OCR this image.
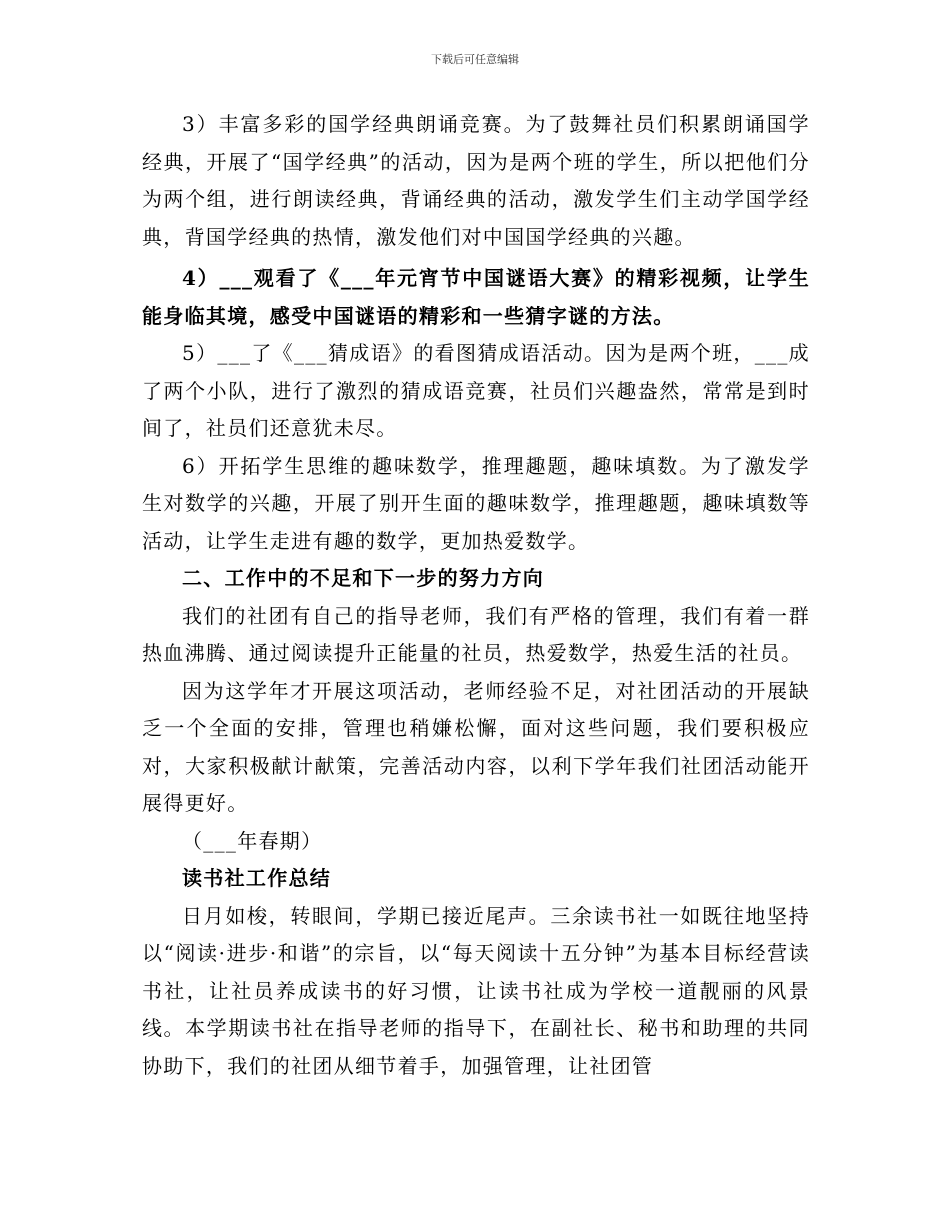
下载后可任意编辑

3）丰富多彩的国学经典朗诵竞赛。为了鼓舞社员们积累朗诵国学经典，开展了“国学经典”的活动，因为是两个班的学生，所以把他们分为两个组，进行朗读经典，背诵经典的活动，激发学生们主动学国学经典，背国学经典的热情，激发他们对中国国学经典的兴趣。

4）___观看了《___年元宵节中国谜语大赛》的精彩视频，让学生能身临其境，感受中国谜语的精彩和一些猜字谜的方法。

5）___了《___猜成语》的看图猜成语活动。因为是两个班，___成了两个小队，进行了激烈的猜成语竞赛，社员们兴趣盎然，常常是到时间了，社员们还意犹未尽。

6）开拓学生思维的趣味数学，推理趣题，趣味填数。为了激发学生对数学的兴趣，开展了别开生面的趣味数学，推理趣题，趣味填数等活动，让学生走进有趣的数学，更加热爱数学。

二、工作中的不足和下一步的努力方向

我们的社团有自己的指导老师，我们有严格的管理，我们有着一群热血沸腾、通过阅读提升正能量的社员，热爱数学，热爱生活的社员。

因为这学年才开展这项活动，老师经验不足，对社团活动的开展缺乏一个全面的安排，管理也稍嫌松懈，面对这些问题，我们要积极应对，大家积极献计献策，完善活动内容，以利下学年我们社团活动能开展得更好。

（___年春期）

读书社工作总结

日月如梭，转眼间，学期已接近尾声。三余读书社一如既往地坚持以“阅读·进步·和谐”的宗旨，以“每天阅读十五分钟”为基本目标经营读书社，让社员养成读书的好习惯，让读书社成为学校一道靓丽的风景线。本学期读书社在指导老师的指导下，在副社长、秘书和助理的共同协助下，我们的社团从细节着手，加强管理，让社团管
